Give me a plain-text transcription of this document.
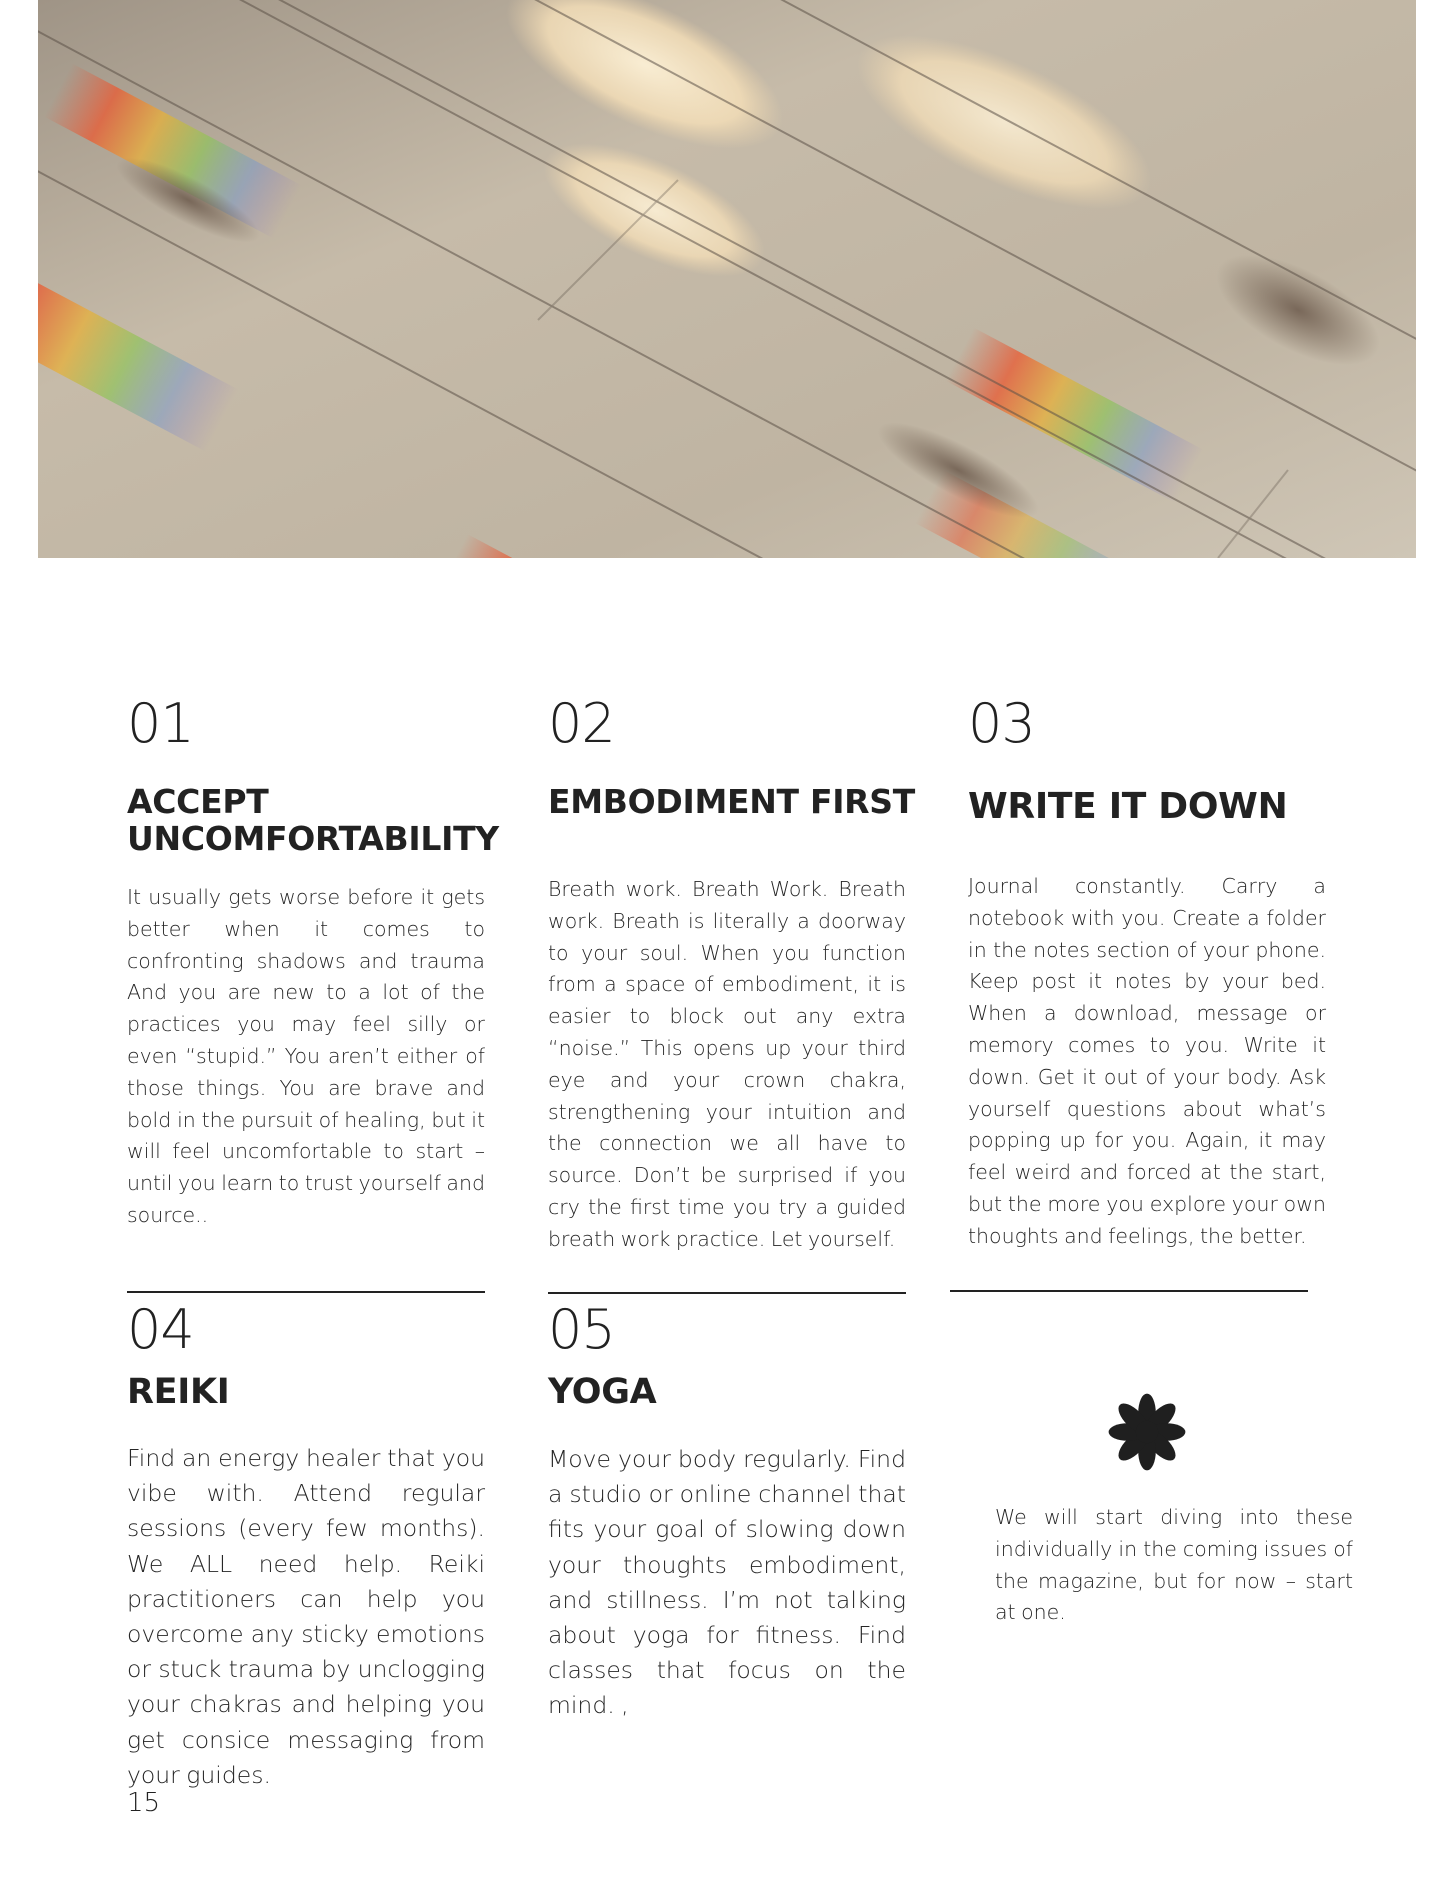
01
ACCEPT UNCOMFORTABILITY

It usually gets worse before it gets better when it comes to confronting shadows and trauma And you are new to a lot of the practices you may feel silly or even “stupid.” You aren’t either of those things. You are brave and bold in the pursuit of healing, but it will feel uncomfortable to start – until you learn to trust yourself and source..

02
EMBODIMENT FIRST

Breath work. Breath Work. Breath work. Breath is literally a doorway to your soul. When you function from a space of embodiment, it is easier to block out any extra “noise.” This opens up your third eye and your crown chakra, strengthening your intuition and the connection we all have to source. Don’t be surprised if you cry the first time you try a guided breath work practice. Let yourself.

03
WRITE IT DOWN

Journal constantly. Carry a notebook with you. Create a folder in the notes section of your phone. Keep post it notes by your bed. When a download, message or memory comes to you. Write it down. Get it out of your body. Ask yourself questions about what’s popping up for you. Again, it may feel weird and forced at the start, but the more you explore your own thoughts and feelings, the better.

04
REIKI

Find an energy healer that you vibe with. Attend regular sessions (every few months). We ALL need help. Reiki practitioners can help you overcome any sticky emotions or stuck trauma by unclogging your chakras and helping you get consice messaging from your guides.

05
YOGA

Move your body regularly. Find a studio or online channel that fits your goal of slowing down your thoughts embodiment, and stillness. I’m not talking about yoga for fitness. Find classes that focus on the mind. ,

We will start diving into these individually in the coming issues of the magazine, but for now – start at one.

15
